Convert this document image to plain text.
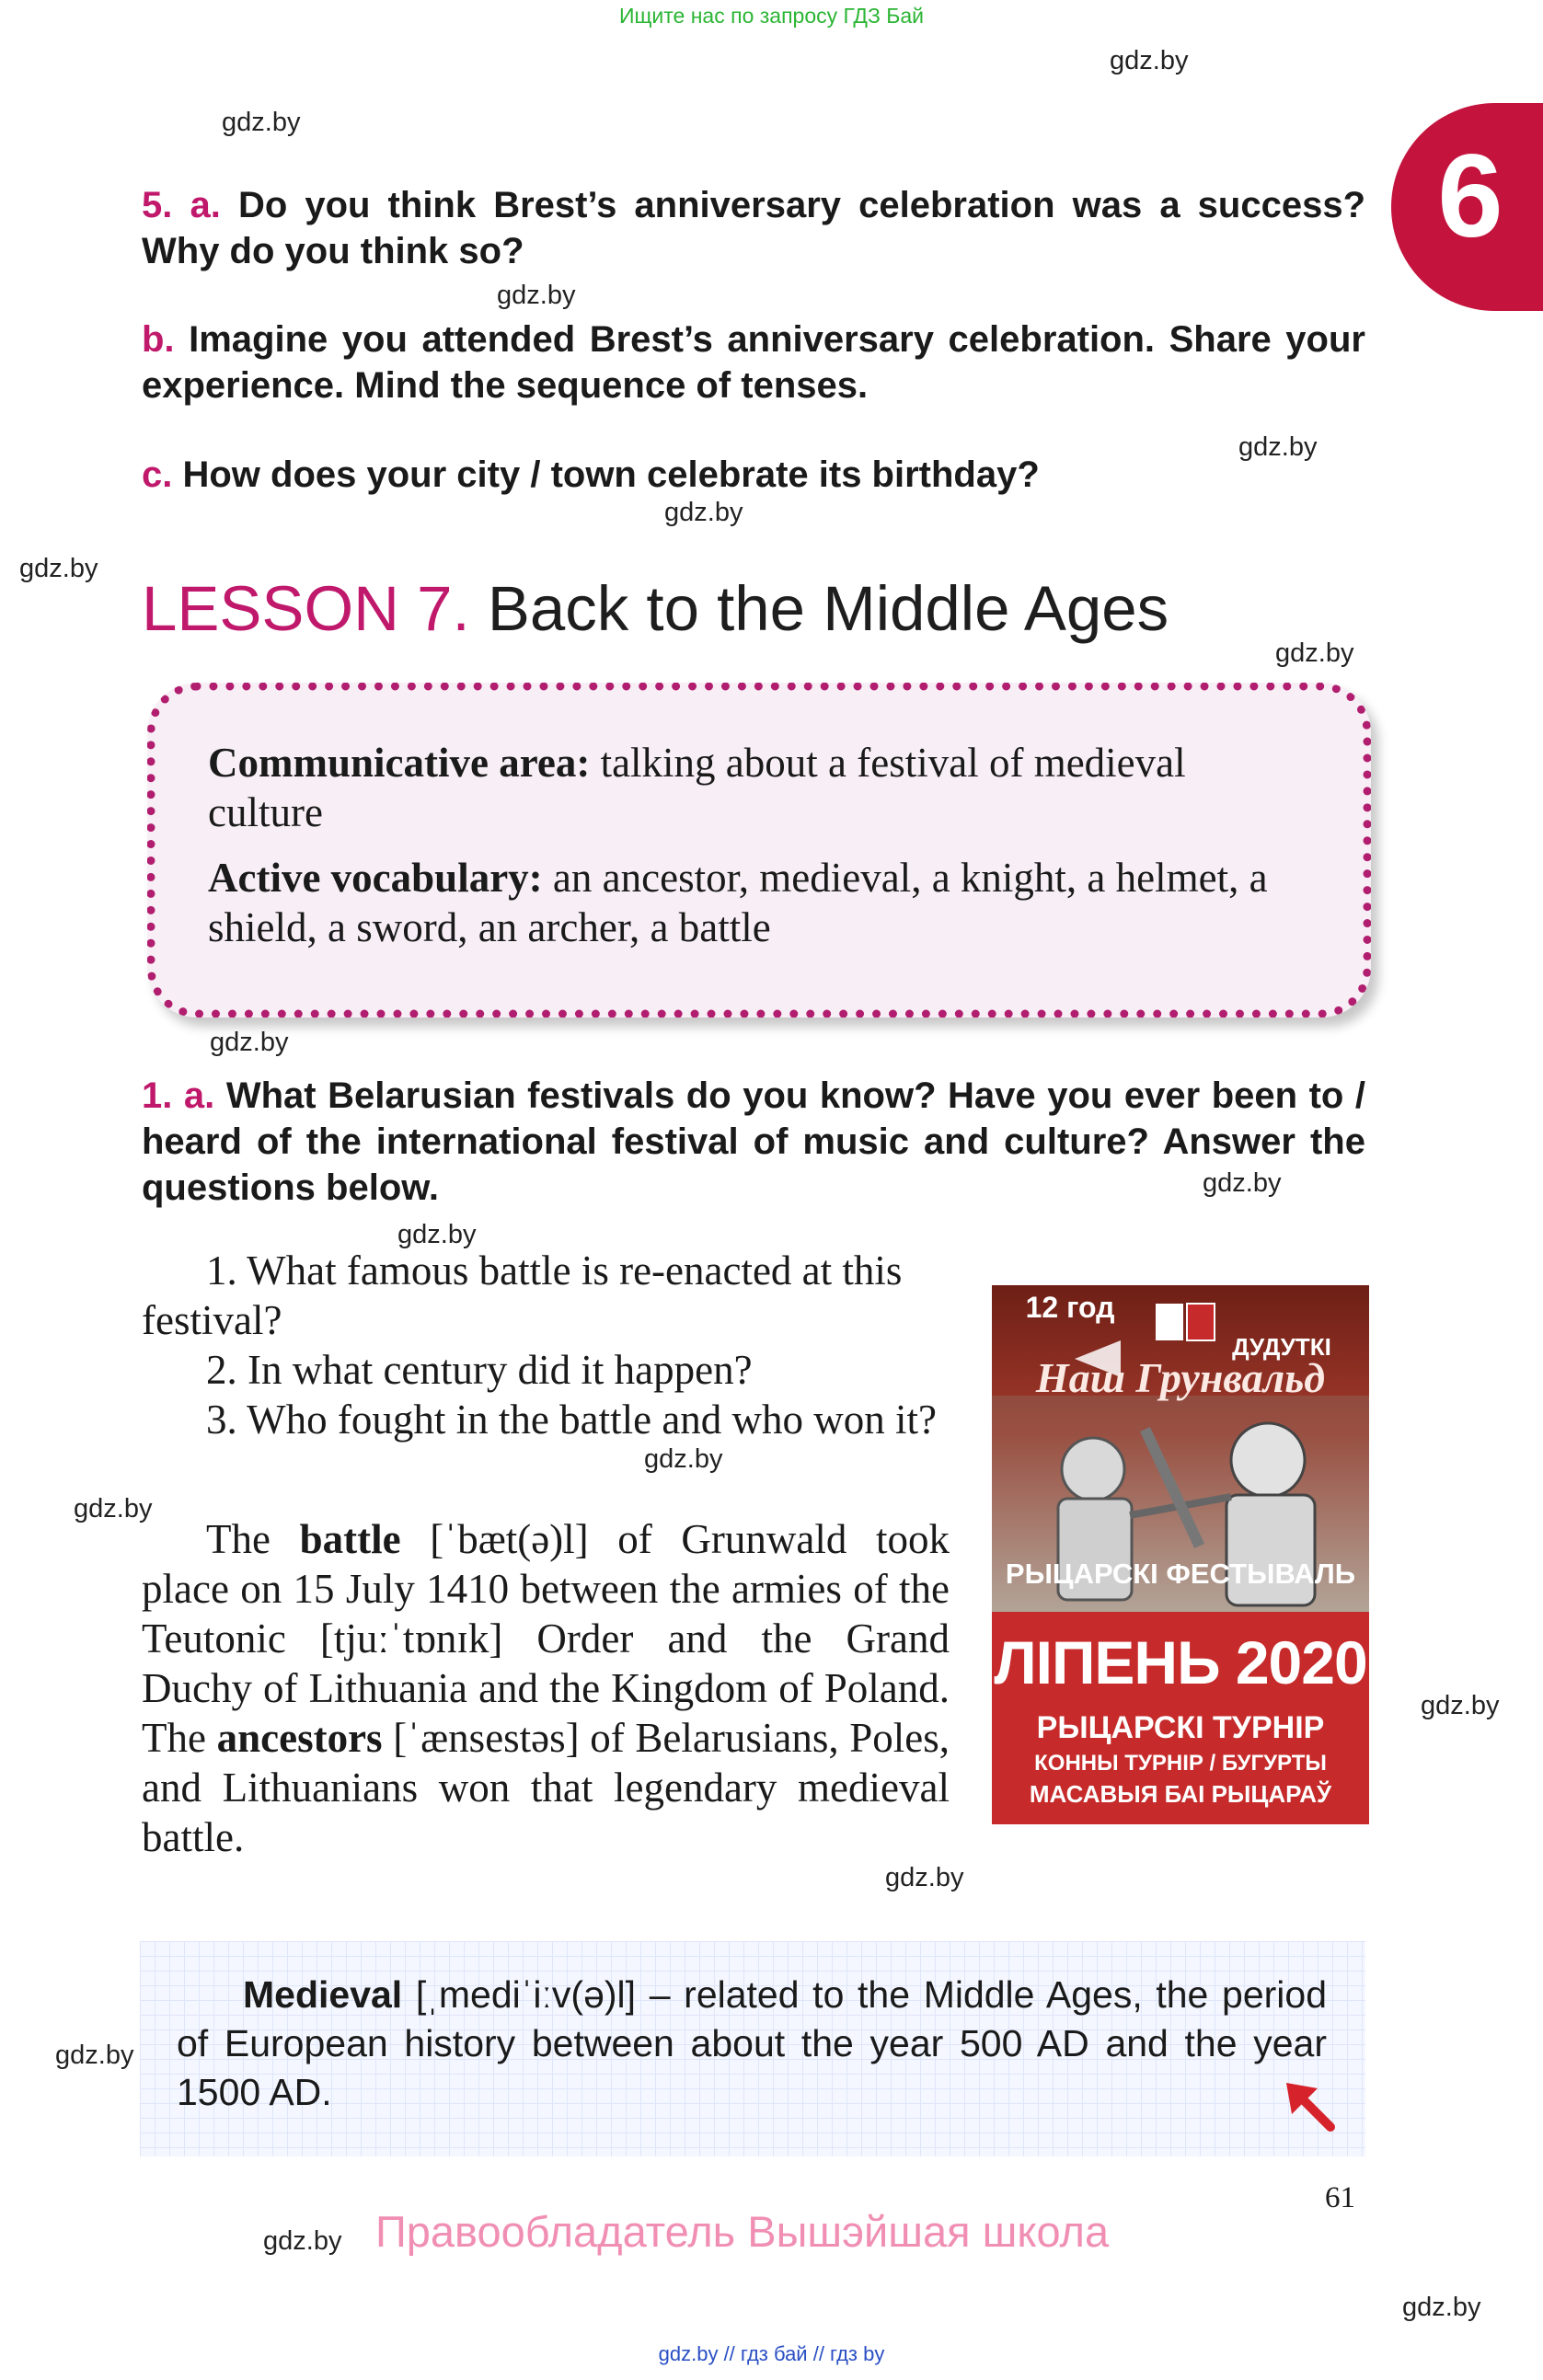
Ищите нас по запросу ГДЗ Бай
6
gdz.by
gdz.by
gdz.by
gdz.by
gdz.by
gdz.by
gdz.by
gdz.by
gdz.by
gdz.by
gdz.by
gdz.by
gdz.by
gdz.by
gdz.by
gdz.by
gdz.by
5. a. Do you think Brest’s anniversary celebration was a success? Why do you think so?
b. Imagine you attended Brest’s anniversary celebration. Share your experience. Mind the sequence of tenses.
c. How does your city / town celebrate its birthday?
LESSON 7. Back to the Middle Ages
Communicative area: talking about a festival of medieval culture
Active vocabulary: an ancestor, medieval, a knight, a helmet, a shield, a sword, an archer, a battle
1. a. What Belarusian festivals do you know? Have you ever been to / heard of the international festival of music and culture? Answer the questions below.
1. What famous battle is re-enacted at this festival?
2. In what century did it happen?
3. Who fought in the battle and who won it?
The battle [ˈbæt(ə)l] of Grunwald took place on 15 July 1410 between the armies of the Teutonic [tjuːˈtɒnɪk] Order and the Grand Duchy of Lithuania and the Kingdom of Poland. The ancestors [ˈænsestəs] of Belarusians, Poles, and Lithuanians won that legendary medieval battle.
12 год
ДУДУТКІ
Наш Грунвальд
РЫЦАРСКІ ФЕСТЫВАЛЬ
ЛІПЕНЬ 2020
РЫЦАРСКІ ТУРНІР
КОННЫ ТУРНІР / БУГУРТЫ
МАСАВЫЯ БАІ РЫЦАРАЎ
Medieval [ˌmediˈiːv(ə)l] – related to the Middle Ages, the period of European history between about the year 500 AD and the year 1500 AD.
61
Правообладатель Вышэйшая школа
gdz.by // гдз бай // гдз by
